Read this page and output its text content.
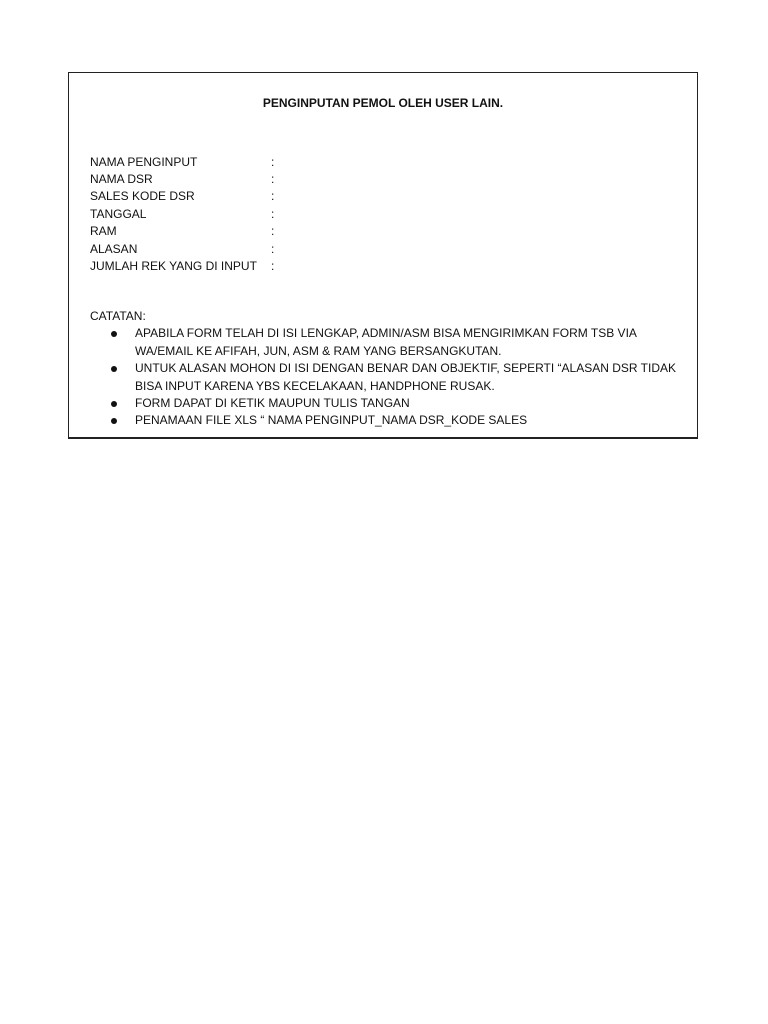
PENGINPUTAN PEMOL OLEH USER LAIN.
NAMA PENGINPUT	:
NAMA DSR	:
SALES KODE DSR	:
TANGGAL	:
RAM	:
ALASAN	:
JUMLAH REK YANG DI INPUT	:
CATATAN:
APABILA FORM TELAH DI ISI LENGKAP, ADMIN/ASM BISA MENGIRIMKAN FORM TSB VIA WA/EMAIL KE AFIFAH, JUN, ASM & RAM YANG BERSANGKUTAN.
UNTUK ALASAN MOHON DI ISI DENGAN BENAR DAN OBJEKTIF, SEPERTI “ALASAN DSR TIDAK BISA INPUT KARENA YBS KECELAKAAN, HANDPHONE RUSAK.
FORM DAPAT DI KETIK MAUPUN TULIS TANGAN
PENAMAAN FILE XLS “ NAMA PENGINPUT_NAMA DSR_KODE SALES
